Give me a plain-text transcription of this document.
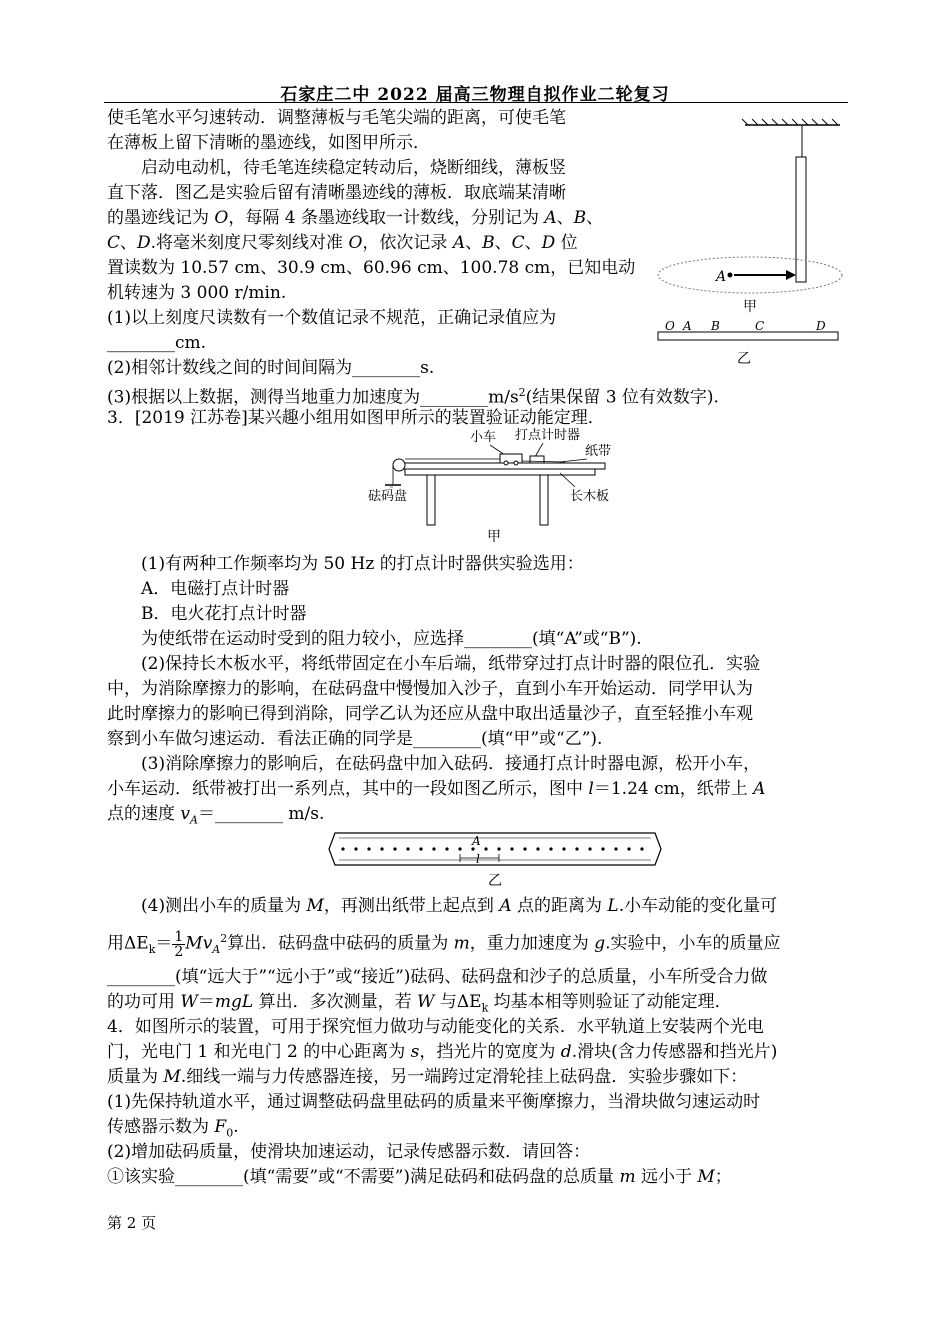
石家庄二中 2022 届高三物理自拟作业二轮复习
使毛笔水平匀速转动．调整薄板与毛笔尖端的距离，可使毛笔
在薄板上留下清晰的墨迹线，如图甲所示．
启动电动机，待毛笔连续稳定转动后，烧断细线，薄板竖
直下落．图乙是实验后留有清晰墨迹线的薄板．取底端某清晰
的墨迹线记为 O，每隔 4 条墨迹线取一计数线，分别记为 A、B、
C、D.将毫米刻度尺零刻线对准 O，依次记录 A、B、C、D 位
置读数为 10.57 cm、30.9 cm、60.96 cm、100.78 cm，已知电动
机转速为 3 000 r/min.
(1)以上刻度尺读数有一个数值记录不规范，正确记录值应为
________cm.
(2)相邻计数线之间的时间间隔为________s.
(3)根据以上数据，测得当地重力加速度为$\_\_\_\_\_\_\_\_m/s^2$(结果保留 3 位有效数字).
A
甲
O A B	C	D
乙
3．[2019 江苏卷]某兴趣小组用如图甲所示的装置验证动能定理．
小车 打点计时器
纸带
砝码盘	长木板
甲
(1)有两种工作频率均为 50 Hz 的打点计时器供实验选用：
A．电磁打点计时器
B．电火花打点计时器
为使纸带在运动时受到的阻力较小，应选择________(填“A”或“B”).
(2)保持长木板水平，将纸带固定在小车后端，纸带穿过打点计时器的限位孔．实验
中，为消除摩擦力的影响，在砝码盘中慢慢加入沙子，直到小车开始运动．同学甲认为
此时摩擦力的影响已得到消除，同学乙认为还应从盘中取出适量沙子，直至轻推小车观
察到小车做匀速运动．看法正确的同学是________(填“甲”或“乙”).
(3)消除摩擦力的影响后，在砝码盘中加入砝码．接通打点计时器电源，松开小车，
小车运动．纸带被打出一系列点，其中的一段如图乙所示，图中 l＝1.24 cm，纸带上 A
点的速度 $v_A=\_\_\_\_\_\_\_\_$ m/s.
A
l
乙
(4)测出小车的质量为 M，再测出纸带上起点到 A 点的距离为 L.小车动能的变化量可
用$\Delta E_k= \frac{1}{2} Mv_A^2$算出．砝码盘中砝码的质量为 m，重力加速度为 g.实验中，小车的质量应
________(填“远大于”“远小于”或“接近”)砝码、砝码盘和沙子的总质量，小车所受合力做
的功可用 W＝mgL 算出．多次测量，若 W 与$\Delta E_k$ 均基本相等则验证了动能定理．
4．如图所示的装置，可用于探究恒力做功与动能变化的关系．水平轨道上安装两个光电
门，光电门 1 和光电门 2 的中心距离为 s，挡光片的宽度为 d.滑块(含力传感器和挡光片)
质量为 M.细线一端与力传感器连接，另一端跨过定滑轮挂上砝码盘．实验步骤如下：
(1)先保持轨道水平，通过调整砝码盘里砝码的质量来平衡摩擦力，当滑块做匀速运动时
传感器示数为 $F_0$.
(2)增加砝码质量，使滑块加速运动，记录传感器示数．请回答：
①该实验________(填“需要”或“不需要”)满足砝码和砝码盘的总质量 m 远小于 M；
第 2 页
